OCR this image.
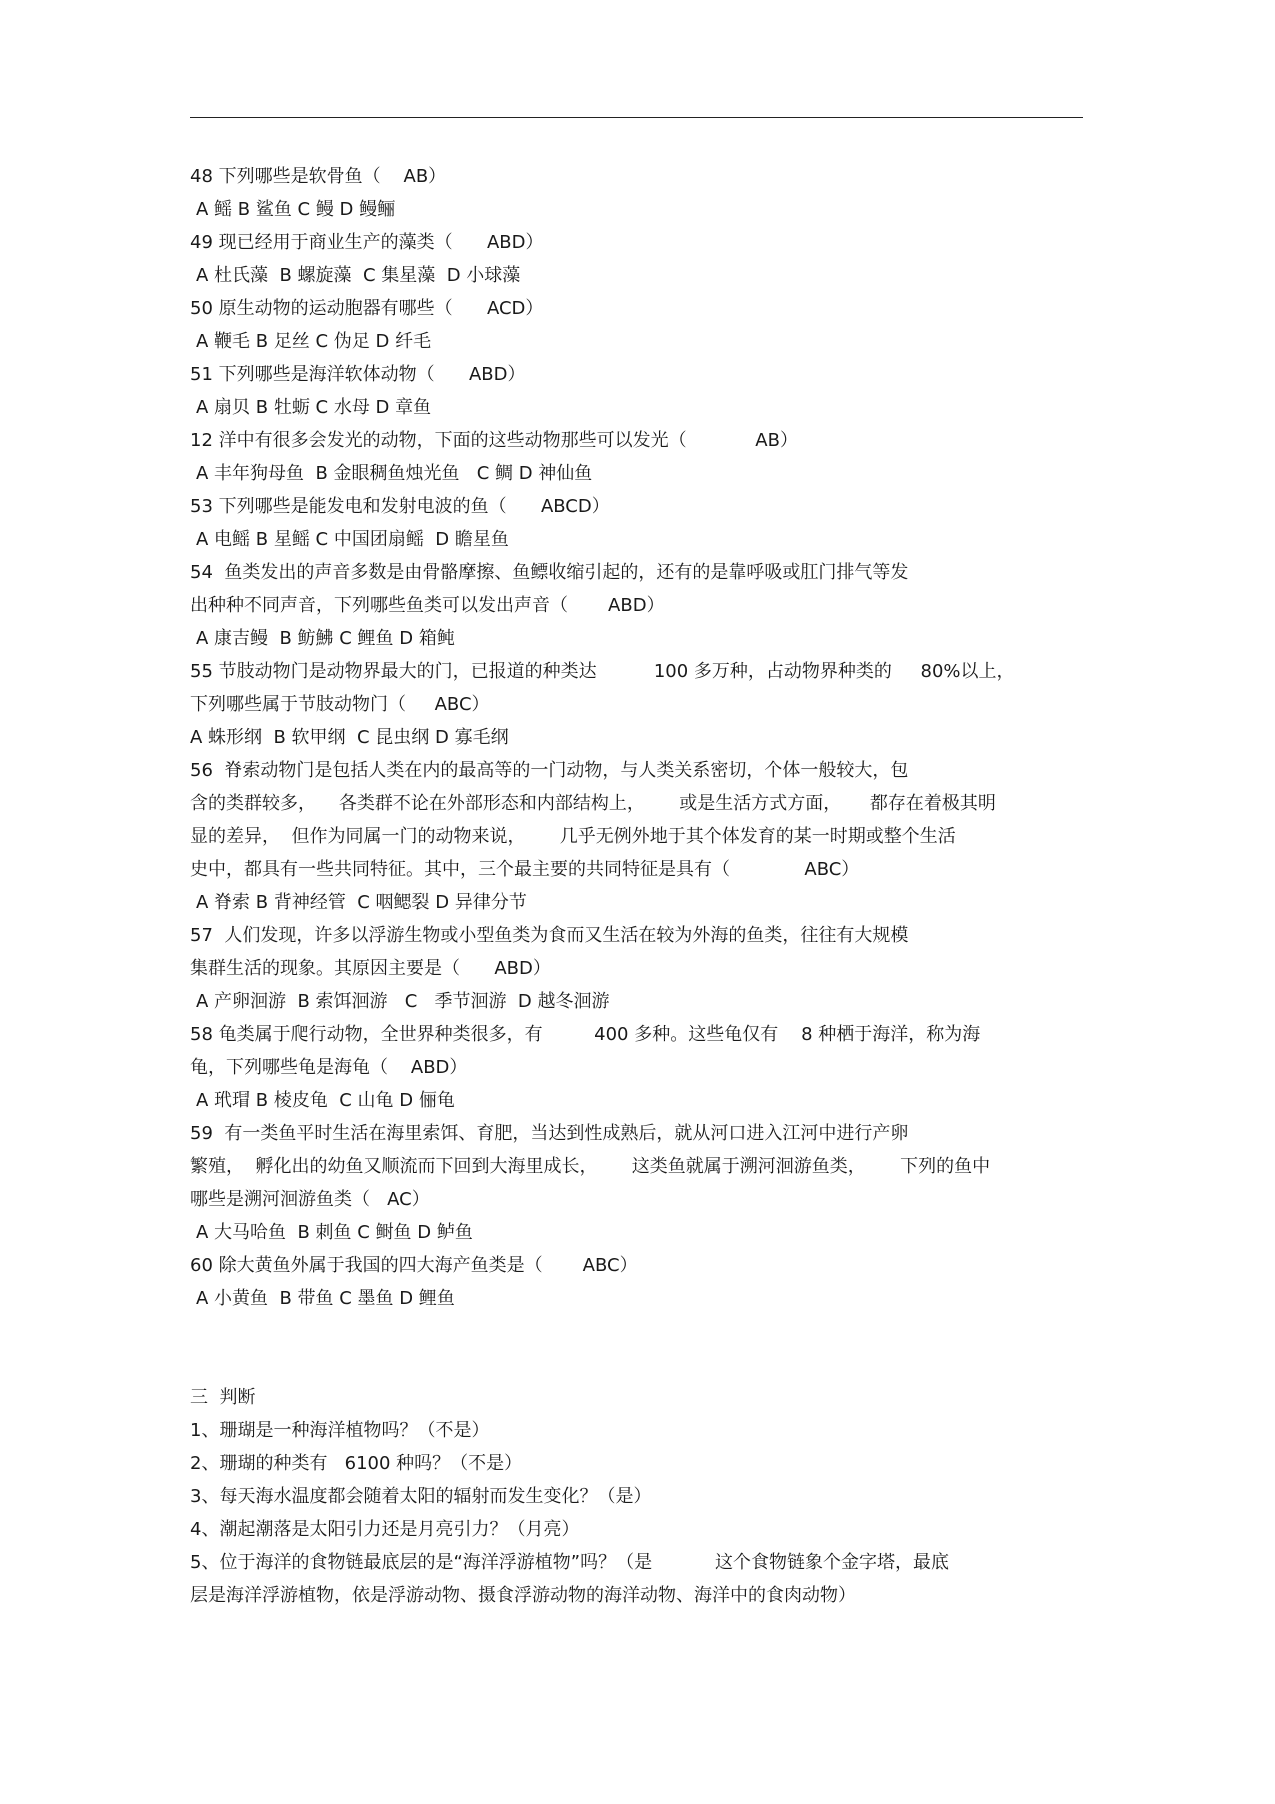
48 下列哪些是软骨鱼（    AB）
A 鳐 B 鲨鱼 C 鳗 D 鳗鲡
49 现已经用于商业生产的藻类（      ABD）
A 杜氏藻  B 螺旋藻  C 集星藻  D 小球藻
50 原生动物的运动胞器有哪些（      ACD）
A 鞭毛 B 足丝 C 伪足 D 纤毛
51 下列哪些是海洋软体动物（      ABD）
A 扇贝 B 牡蛎 C 水母 D 章鱼
12 洋中有很多会发光的动物，下面的这些动物那些可以发光（            AB）
A 丰年狗母鱼  B 金眼稠鱼烛光鱼   C 鲷 D 神仙鱼
53 下列哪些是能发电和发射电波的鱼（      ABCD）
A 电鳐 B 星鳐 C 中国团扇鳐  D 瞻星鱼
54  鱼类发出的声音多数是由骨骼摩擦、鱼鳔收缩引起的，还有的是靠呼吸或肛门排气等发
出种种不同声音，下列哪些鱼类可以发出声音（       ABD）
A 康吉鳗  B 鲂鮄 C 鲤鱼 D 箱鲀
55 节肢动物门是动物界最大的门，已报道的种类达          100 多万种，占动物界种类的     80%以上，
下列哪些属于节肢动物门（     ABC）
A 蛛形纲  B 软甲纲  C 昆虫纲 D 寡毛纲
56  脊索动物门是包括人类在内的最高等的一门动物，与人类关系密切，个体一般较大，包
含的类群较多，    各类群不论在外部形态和内部结构上，      或是生活方式方面，     都存在着极其明
显的差异，  但作为同属一门的动物来说，      几乎无例外地于其个体发育的某一时期或整个生活
史中，都具有一些共同特征。其中，三个最主要的共同特征是具有（             ABC）
A 脊索 B 背神经管  C 咽鳃裂 D 异律分节
57  人们发现，许多以浮游生物或小型鱼类为食而又生活在较为外海的鱼类，往往有大规模
集群生活的现象。其原因主要是（      ABD）
A 产卵洄游  B 索饵洄游   C   季节洄游  D 越冬洄游
58 龟类属于爬行动物，全世界种类很多，有         400 多种。这些龟仅有    8 种栖于海洋，称为海
龟，下列哪些龟是海龟（    ABD）
A 玳瑁 B 棱皮龟  C 山龟 D 俪龟
59  有一类鱼平时生活在海里索饵、育肥，当达到性成熟后，就从河口进入江河中进行产卵
繁殖，  孵化出的幼鱼又顺流而下回到大海里成长，      这类鱼就属于溯河洄游鱼类，      下列的鱼中
哪些是溯河洄游鱼类（   AC）
A 大马哈鱼  B 刺鱼 C 鲥鱼 D 鲈鱼
60 除大黄鱼外属于我国的四大海产鱼类是（       ABC）
A 小黄鱼  B 带鱼 C 墨鱼 D 鲤鱼
三  判断
1、珊瑚是一种海洋植物吗？（不是）
2、珊瑚的种类有   6100 种吗？（不是）
3、每天海水温度都会随着太阳的辐射而发生变化？（是）
4、潮起潮落是太阳引力还是月亮引力？（月亮）
5、位于海洋的食物链最底层的是“海洋浮游植物”吗？（是           这个食物链象个金字塔，最底
层是海洋浮游植物，依是浮游动物、摄食浮游动物的海洋动物、海洋中的食肉动物）
